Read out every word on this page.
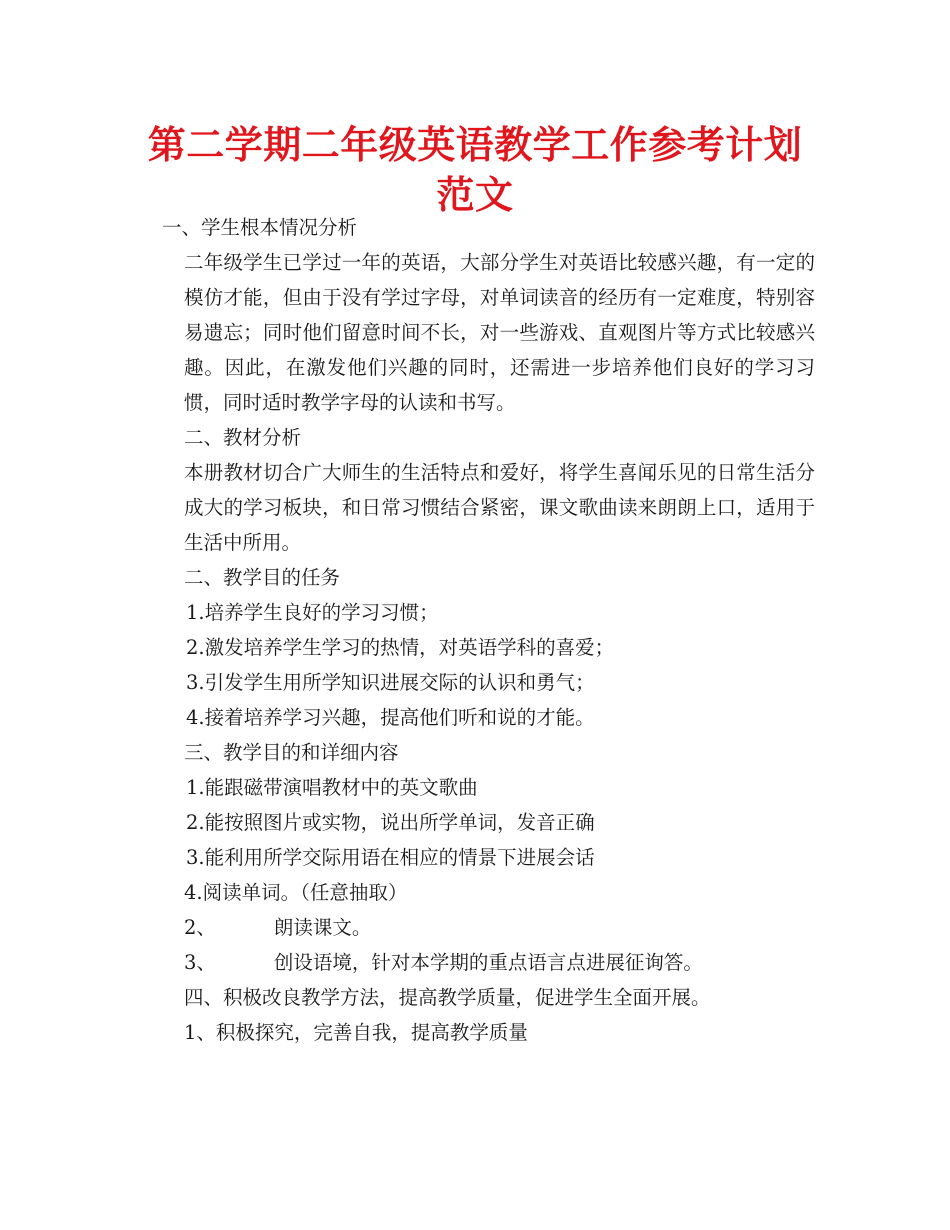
第二学期二年级英语教学工作参考计划范文

一、学生根本情况分析

二年级学生已学过一年的英语，大部分学生对英语比较感兴趣，有一定的模仿才能，但由于没有学过字母，对单词读音的经历有一定难度，特别容易遗忘；同时他们留意时间不长，对一些游戏、直观图片等方式比较感兴趣。因此，在激发他们兴趣的同时，还需进一步培养他们良好的学习习惯，同时适时教学字母的认读和书写。

二、教材分析

本册教材切合广大师生的生活特点和爱好，将学生喜闻乐见的日常生活分成大的学习板块，和日常习惯结合紧密，课文歌曲读来朗朗上口，适用于生活中所用。

二、教学目的任务

1.培养学生良好的学习习惯；

2.激发培养学生学习的热情，对英语学科的喜爱；

3.引发学生用所学知识进展交际的认识和勇气；

4.接着培养学习兴趣，提高他们听和说的才能。

三、教学目的和详细内容

1.能跟磁带演唱教材中的英文歌曲

2.能按照图片或实物，说出所学单词，发音正确

3.能利用所学交际用语在相应的情景下进展会话

4.阅读单词。（任意抽取）

2、	朗读课文。

3、	创设语境，针对本学期的重点语言点进展征询答。

四、积极改良教学方法，提高教学质量，促进学生全面开展。

1、积极探究，完善自我，提高教学质量
